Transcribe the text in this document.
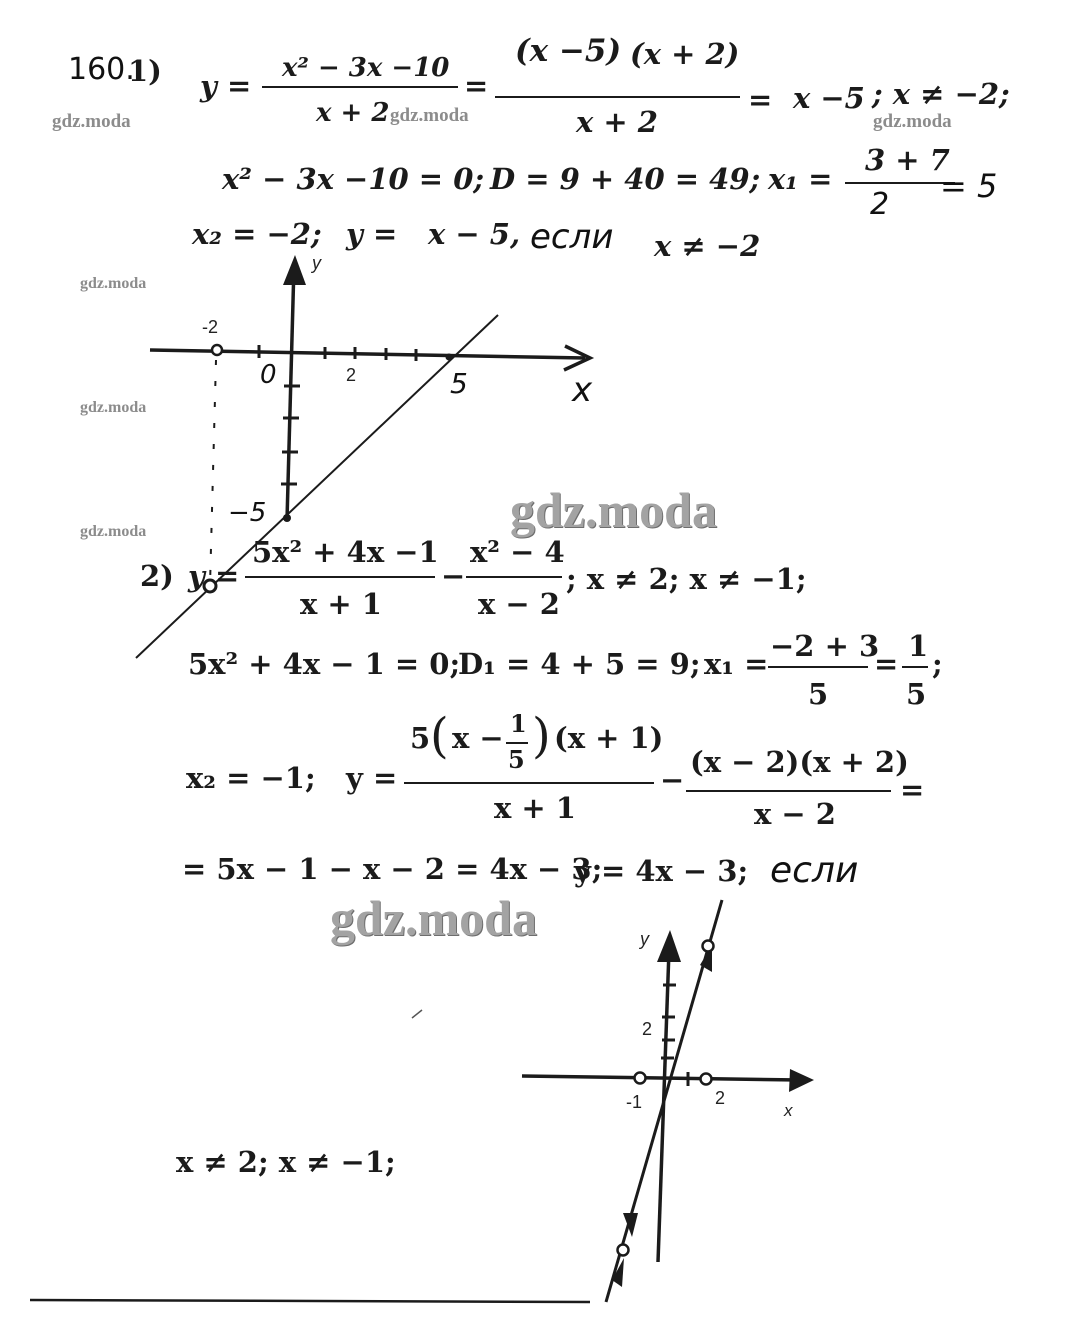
gdz.moda	gdz.moda	gdz.moda
gdz.moda
gdz.moda
gdz.moda	gdz.moda
gdz.moda
160.
1) y =
x² − 3x −10
x + 2
=
(x −5) (x + 2)
x + 2
= x −5 ; x ≠ −2;
x² − 3x −10 = 0; D = 9 + 40 = 49; x₁ =
3 + 7
2 = 5
x₂ = −2; y = x − 5, если x ≠ −2
y
x
-2
0	2	5
−5
2) y =
5x² + 4x −1
x + 1
−
x² − 4
x − 2
; x ≠ 2; x ≠ −1;
5x² + 4x − 1 = 0;
D₁ = 4 + 5 = 9; x₁ =
−2 + 3
5
=
1
5
;
x₂ = −1; y =
5 ( x − 1
5 ) (x + 1)
x + 1
−
(x − 2)(x + 2)
x − 2
=
= 5x − 1 − x − 2 = 4x − 3;
y = 4x − 3; если
y
x
2
-1	2
x ≠ 2; x ≠ −1;
